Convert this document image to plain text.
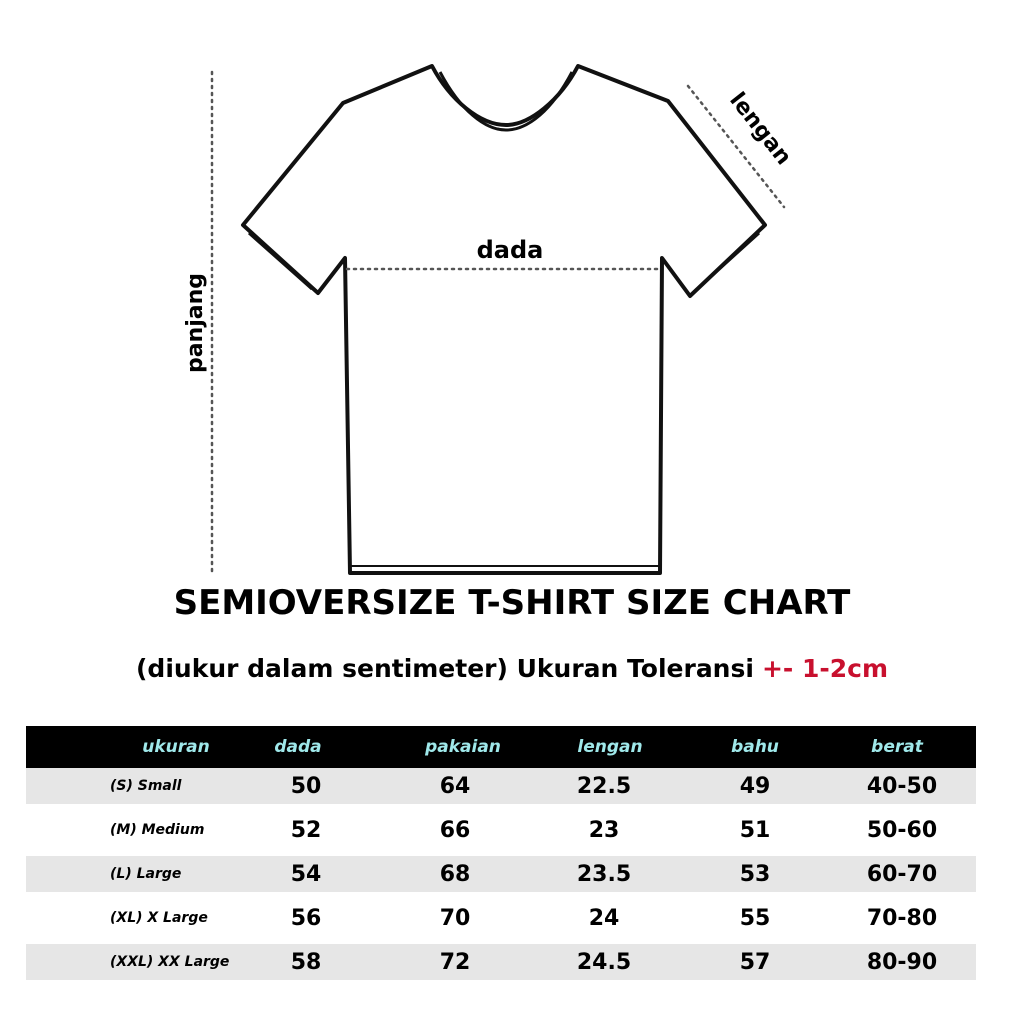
dada
panjang
lengan
SEMIOVERSIZE T-SHIRT SIZE CHART
(diukur dalam sentimeter) Ukuran Toleransi +- 1-2cm
ukuran	dada	pakaian	lengan	bahu	berat
(S) Small	50	64	22.5	49	40-50
(M) Medium	52	66	23	51	50-60
(L) Large	54	68	23.5	53	60-70
(XL) X Large	56	70	24	55	70-80
(XXL) XX Large	58	72	24.5	57	80-90
